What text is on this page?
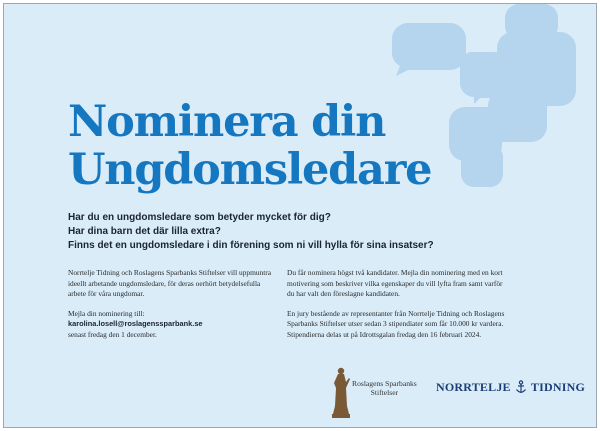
Nominera din
Ungdomsledare
Har du en ungdomsledare som betyder mycket för dig?
Har dina barn det där lilla extra?
Finns det en ungdomsledare i din förening som ni vill hylla för sina insatser?

Norrtelje Tidning och Roslagens Sparbanks Stiftelser vill uppmuntra ideellt arbetande ungdomsledare, för deras oerhört betydelsefulla arbete för våra ungdomar.

Mejla din nominering till:
karolina.losell@roslagenssparbank.se
senast fredag den 1 december.

Du får nominera högst två kandidater. Mejla din nominering med en kort motivering som beskriver vilka egenskaper du vill lyfta fram samt varför du har valt den föreslagne kandidaten.

En jury bestående av representanter från Norrtelje Tidning och Roslagens Sparbanks Stiftelser utser sedan 3 stipendiater som får 10.000 kr vardera. Stipendierna delas ut på Idrottsgalan fredag den 16 februari 2024.

Roslagens Sparbanks
Stiftelser	NORRTELJE TIDNING
